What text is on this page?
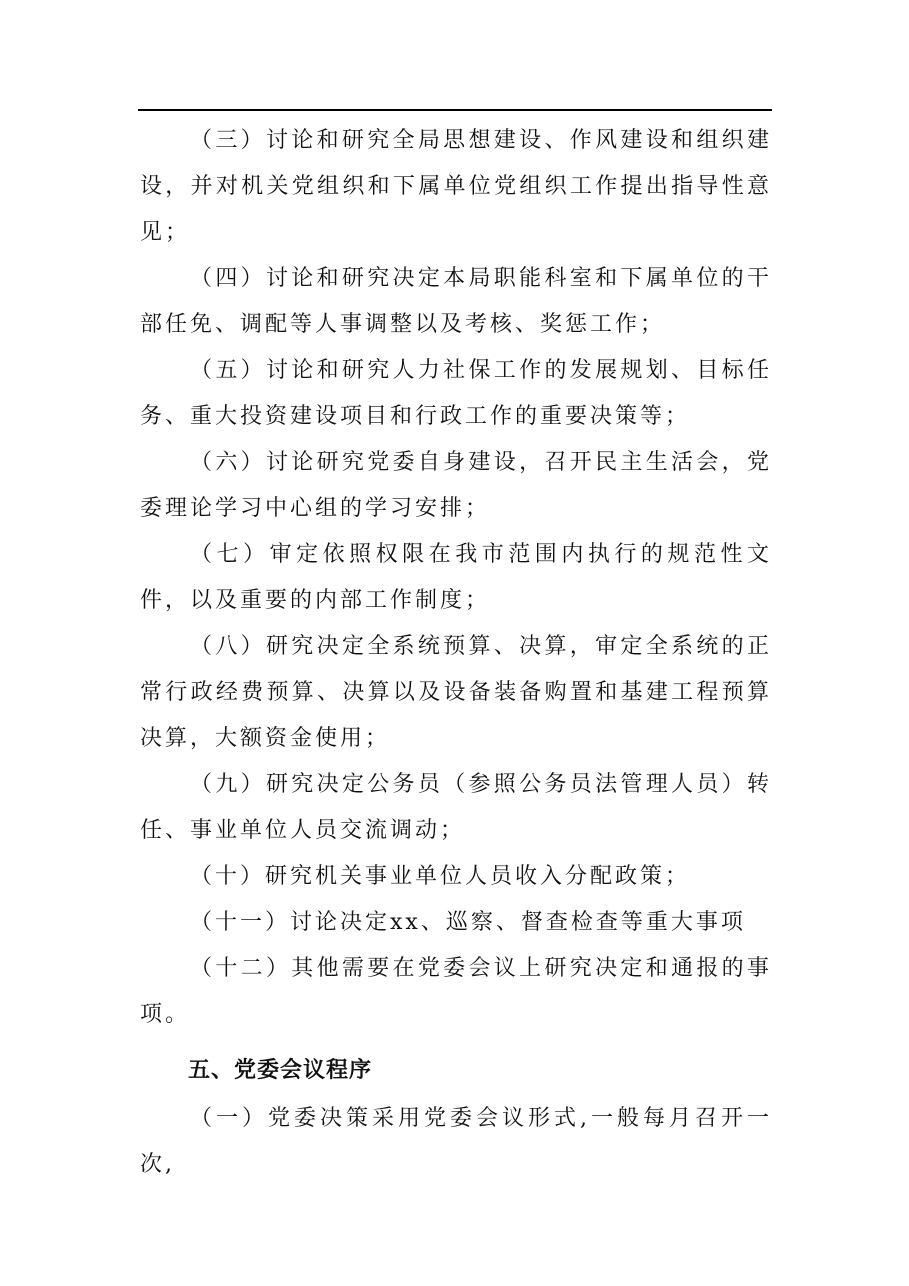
（三）讨论和研究全局思想建设、作风建设和组织建设，并对机关党组织和下属单位党组织工作提出指导性意见；

（四）讨论和研究决定本局职能科室和下属单位的干部任免、调配等人事调整以及考核、奖惩工作；

（五）讨论和研究人力社保工作的发展规划、目标任务、重大投资建设项目和行政工作的重要决策等；

（六）讨论研究党委自身建设，召开民主生活会，党委理论学习中心组的学习安排；

（七）审定依照权限在我市范围内执行的规范性文件，以及重要的内部工作制度；

（八）研究决定全系统预算、决算，审定全系统的正常行政经费预算、决算以及设备装备购置和基建工程预算决算，大额资金使用；

（九）研究决定公务员（参照公务员法管理人员）转任、事业单位人员交流调动；

（十）研究机关事业单位人员收入分配政策；

（十一）讨论决定xx、巡察、督查检查等重大事项

（十二）其他需要在党委会议上研究决定和通报的事项。

五、党委会议程序

（一）党委决策采用党委会议形式,一般每月召开一次,
